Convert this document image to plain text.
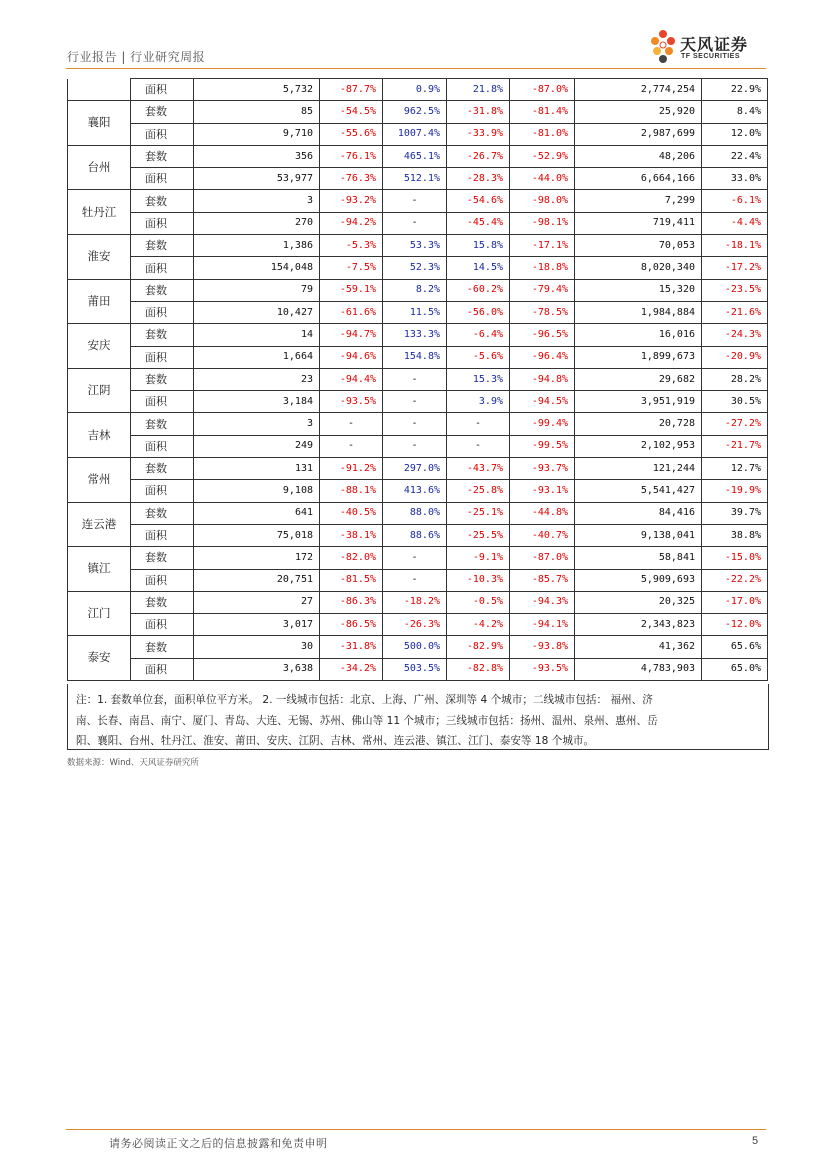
行业报告 | 行业研究周报
天风证券
TF SECURITIES
	面积	5,732	-87.7%	0.9%	21.8%	-87.0%	2,774,254	22.9%
襄阳	套数	85	-54.5%	962.5%	-31.8%	-81.4%	25,920	8.4%
	面积	9,710	-55.6%	1007.4%	-33.9%	-81.0%	2,987,699	12.0%
台州	套数	356	-76.1%	465.1%	-26.7%	-52.9%	48,206	22.4%
	面积	53,977	-76.3%	512.1%	-28.3%	-44.0%	6,664,166	33.0%
牡丹江	套数	3	-93.2%	-	-54.6%	-98.0%	7,299	-6.1%
	面积	270	-94.2%	-	-45.4%	-98.1%	719,411	-4.4%
淮安	套数	1,386	-5.3%	53.3%	15.8%	-17.1%	70,053	-18.1%
	面积	154,048	-7.5%	52.3%	14.5%	-18.8%	8,020,340	-17.2%
莆田	套数	79	-59.1%	8.2%	-60.2%	-79.4%	15,320	-23.5%
	面积	10,427	-61.6%	11.5%	-56.0%	-78.5%	1,984,884	-21.6%
安庆	套数	14	-94.7%	133.3%	-6.4%	-96.5%	16,016	-24.3%
	面积	1,664	-94.6%	154.8%	-5.6%	-96.4%	1,899,673	-20.9%
江阴	套数	23	-94.4%	-	15.3%	-94.8%	29,682	28.2%
	面积	3,184	-93.5%	-	3.9%	-94.5%	3,951,919	30.5%
吉林	套数	3	-	-	-	-99.4%	20,728	-27.2%
	面积	249	-	-	-	-99.5%	2,102,953	-21.7%
常州	套数	131	-91.2%	297.0%	-43.7%	-93.7%	121,244	12.7%
	面积	9,108	-88.1%	413.6%	-25.8%	-93.1%	5,541,427	-19.9%
连云港	套数	641	-40.5%	88.0%	-25.1%	-44.8%	84,416	39.7%
	面积	75,018	-38.1%	88.6%	-25.5%	-40.7%	9,138,041	38.8%
镇江	套数	172	-82.0%	-	-9.1%	-87.0%	58,841	-15.0%
	面积	20,751	-81.5%	-	-10.3%	-85.7%	5,909,693	-22.2%
江门	套数	27	-86.3%	-18.2%	-0.5%	-94.3%	20,325	-17.0%
	面积	3,017	-86.5%	-26.3%	-4.2%	-94.1%	2,343,823	-12.0%
泰安	套数	30	-31.8%	500.0%	-82.9%	-93.8%	41,362	65.6%
	面积	3,638	-34.2%	503.5%	-82.8%	-93.5%	4,783,903	65.0%
注：1. 套数单位套，面积单位平方米。 2. 一线城市包括：北京、上海、广州、深圳等 4 个城市；二线城市包括： 福州、济
南、长春、南昌、南宁、厦门、青岛、大连、无锡、苏州、佛山等 11 个城市；三线城市包括：扬州、温州、泉州、惠州、岳
阳、襄阳、台州、牡丹江、淮安、莆田、安庆、江阴、吉林、常州、连云港、镇江、江门、泰安等 18 个城市。
数据来源：Wind、天风证券研究所
请务必阅读正文之后的信息披露和免责申明	5
